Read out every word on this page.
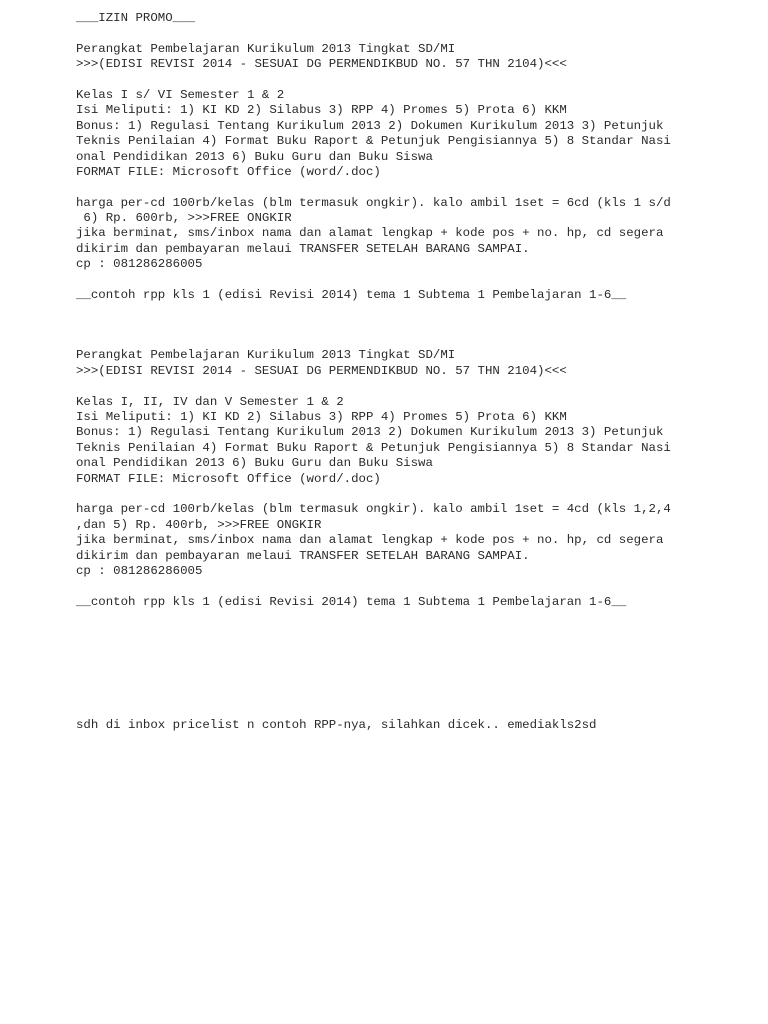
___IZIN PROMO___
Perangkat Pembelajaran Kurikulum 2013 Tingkat SD/MI
>>>(EDISI REVISI 2014 - SESUAI DG PERMENDIKBUD NO. 57 THN 2104)<<<
Kelas I s/ VI Semester 1 & 2
Isi Meliputi: 1) KI KD 2) Silabus 3) RPP 4) Promes 5) Prota 6) KKM
Bonus: 1) Regulasi Tentang Kurikulum 2013 2) Dokumen Kurikulum 2013 3) Petunjuk
Teknis Penilaian 4) Format Buku Raport & Petunjuk Pengisiannya 5) 8 Standar Nasi
onal Pendidikan 2013 6) Buku Guru dan Buku Siswa
FORMAT FILE: Microsoft Office (word/.doc)
harga per-cd 100rb/kelas (blm termasuk ongkir). kalo ambil 1set = 6cd (kls 1 s/d
6) Rp. 600rb, >>>FREE ONGKIR
jika berminat, sms/inbox nama dan alamat lengkap + kode pos + no. hp, cd segera
dikirim dan pembayaran melaui TRANSFER SETELAH BARANG SAMPAI.
cp : 081286286005
__contoh rpp kls 1 (edisi Revisi 2014) tema 1 Subtema 1 Pembelajaran 1-6__
Perangkat Pembelajaran Kurikulum 2013 Tingkat SD/MI
>>>(EDISI REVISI 2014 - SESUAI DG PERMENDIKBUD NO. 57 THN 2104)<<<
Kelas I, II, IV dan V Semester 1 & 2
Isi Meliputi: 1) KI KD 2) Silabus 3) RPP 4) Promes 5) Prota 6) KKM
Bonus: 1) Regulasi Tentang Kurikulum 2013 2) Dokumen Kurikulum 2013 3) Petunjuk
Teknis Penilaian 4) Format Buku Raport & Petunjuk Pengisiannya 5) 8 Standar Nasi
onal Pendidikan 2013 6) Buku Guru dan Buku Siswa
FORMAT FILE: Microsoft Office (word/.doc)
harga per-cd 100rb/kelas (blm termasuk ongkir). kalo ambil 1set = 4cd (kls 1,2,4
,dan 5) Rp. 400rb, >>>FREE ONGKIR
jika berminat, sms/inbox nama dan alamat lengkap + kode pos + no. hp, cd segera
dikirim dan pembayaran melaui TRANSFER SETELAH BARANG SAMPAI.
cp : 081286286005
__contoh rpp kls 1 (edisi Revisi 2014) tema 1 Subtema 1 Pembelajaran 1-6__
sdh di inbox pricelist n contoh RPP-nya, silahkan dicek.. emediakls2sd
